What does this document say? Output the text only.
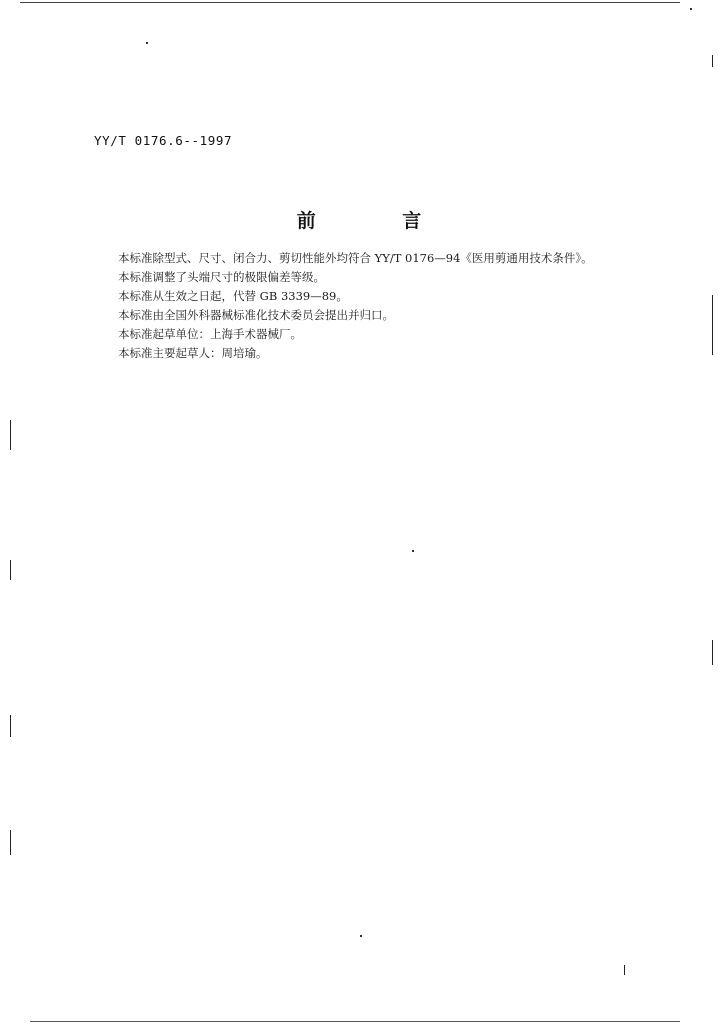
YY/T 0176.6--1997
前 言

本标准除型式、尺寸、闭合力、剪切性能外均符合 YY/T 0176—94《医用剪通用技术条件》。

本标准调整了头端尺寸的极限偏差等级。

本标准从生效之日起，代替 GB 3339—89。

本标准由全国外科器械标准化技术委员会提出并归口。

本标准起草单位：上海手术器械厂。

本标准主要起草人：周培瑜。
